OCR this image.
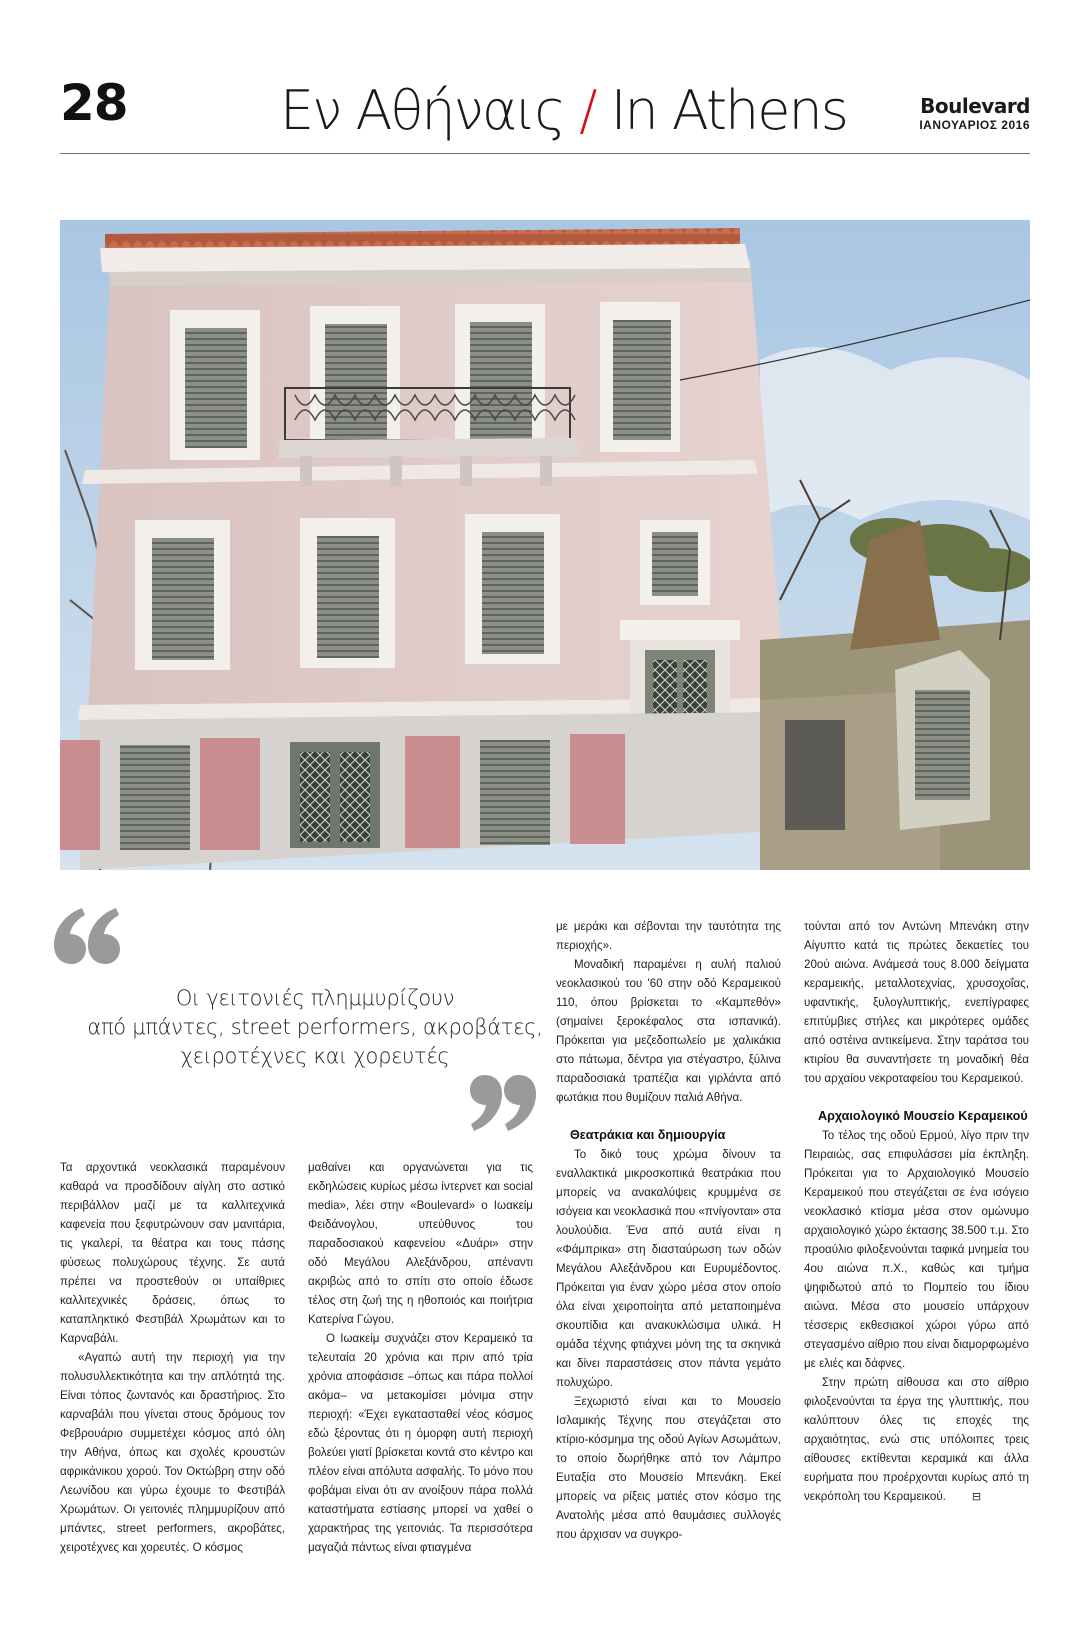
28	Εν Αθήναις / In Athens	Boulevard
ΙΑΝΟΥΑΡΙΟΣ 2016
Οι γειτονιές πλημμυρίζουν
από μπάντες, street performers, ακροβάτες,
χειροτέχνες και χορευτές

Τα αρχοντικά νεοκλασικά παραμένουν καθαρά να προσδίδουν αίγλη στο αστικό περιβάλλον μαζί με τα καλλιτεχνικά καφενεία που ξεφυτρώνουν σαν μανιτάρια, τις γκαλερί, τα θέατρα και τους πάσης φύσεως πολυχώρους τέχνης. Σε αυτά πρέπει να προστεθούν οι υπαίθριες καλλιτεχνικές δράσεις, όπως το καταπληκτικό Φεστιβάλ Χρωμάτων και το Καρναβάλι.

«Αγαπώ αυτή την περιοχή για την πολυσυλλεκτικότητα και την απλότητά της. Είναι τόπος ζωντανός και δραστήριος. Στο καρναβάλι που γίνεται στους δρόμους τον Φεβρουάριο συμμετέχει κόσμος από όλη την Αθήνα, όπως και σχολές κρουστών αφρικάνικου χορού. Τον Οκτώβρη στην οδό Λεωνίδου και γύρω έχουμε το Φεστιβάλ Χρωμάτων. Οι γειτονιές πλημμυρίζουν από μπάντες, street performers, ακροβάτες, χειροτέχνες και χορευτές. Ο κόσμος

μαθαίνει και οργανώνεται για τις εκδηλώσεις κυρίως μέσω ίντερνετ και social media», λέει στην «Boulevard» ο Ιωακείμ Φειδάνογλου, υπεύθυνος του παραδοσιακού καφενείου «Δυάρι» στην οδό Μεγάλου Αλεξάνδρου, απέναντι ακριβώς από το σπίτι στο οποίο έδωσε τέλος στη ζωή της η ηθοποιός και ποιήτρια Κατερίνα Γώγου.

Ο Ιωακείμ συχνάζει στον Κεραμεικό τα τελευταία 20 χρόνια και πριν από τρία χρόνια αποφάσισε –όπως και πάρα πολλοί ακόμα– να μετακομίσει μόνιμα στην περιοχή: «Έχει εγκατασταθεί νέος κόσμος εδώ ξέροντας ότι η όμορφη αυτή περιοχή βολεύει γιατί βρίσκεται κοντά στο κέντρο και πλέον είναι απόλυτα ασφαλής. Το μόνο που φοβάμαι είναι ότι αν ανοίξουν πάρα πολλά καταστήματα εστίασης μπορεί να χαθεί ο χαρακτήρας της γειτονιάς. Τα περισσότερα μαγαζιά πάντως είναι φτιαγμένα

με μεράκι και σέβονται την ταυτότητα της περιοχής».

Μοναδική παραμένει η αυλή παλιού νεοκλασικού του '60 στην οδό Κεραμεικού 110, όπου βρίσκεται το «Καμπεθόν» (σημαίνει ξεροκέφαλος στα ισπανικά). Πρόκειται για μεζεδοπωλείο με χαλικάκια στο πάτωμα, δέντρα για στέγαστρο, ξύλινα παραδοσιακά τραπέζια και γιρλάντα από φωτάκια που θυμίζουν παλιά Αθήνα.

Θεατράκια και δημιουργία

Το δικό τους χρώμα δίνουν τα εναλλακτικά μικροσκοπικά θεατράκια που μπορείς να ανακαλύψεις κρυμμένα σε ισόγεια και νεοκλασικά που «πνίγονται» στα λουλούδια. Ένα από αυτά είναι η «Φάμπρικα» στη διασταύρωση των οδών Μεγάλου Αλεξάνδρου και Ευρυμέδοντος. Πρόκειται για έναν χώρο μέσα στον οποίο όλα είναι χειροποίητα από μεταποιημένα σκουπίδια και ανακυκλώσιμα υλικά. Η ομάδα τέχνης φτιάχνει μόνη της τα σκηνικά και δίνει παραστάσεις στον πάντα γεμάτο πολυχώρο.

Ξεχωριστό είναι και το Μουσείο Ισλαμικής Τέχνης που στεγάζεται στο κτίριο-κόσμημα της οδού Αγίων Ασωμάτων, το οποίο δωρήθηκε από τον Λάμπρο Ευταξία στο Μουσείο Μπενάκη. Εκεί μπορείς να ρίξεις ματιές στον κόσμο της Ανατολής μέσα από θαυμάσιες συλλογές που άρχισαν να συγκρο-

τούνται από τον Αντώνη Μπενάκη στην Αίγυπτο κατά τις πρώτες δεκαετίες του 20ού αιώνα. Ανάμεσά τους 8.000 δείγματα κεραμεικής, μεταλλοτεχνίας, χρυσοχοΐας, υφαντικής, ξυλογλυπτικής, ενεπίγραφες επιτύμβιες στήλες και μικρότερες ομάδες από οστέινα αντικείμενα. Στην ταράτσα του κτιρίου θα συναντήσετε τη μοναδική θέα του αρχαίου νεκροταφείου του Κεραμεικού.

Αρχαιολογικό Μουσείο Κεραμεικού

Το τέλος της οδού Ερμού, λίγο πριν την Πειραιώς, σας επιφυλάσσει μία έκπληξη. Πρόκειται για το Αρχαιολογικό Μουσείο Κεραμεικού που στεγάζεται σε ένα ισόγειο νεοκλασικό κτίσμα μέσα στον ομώνυμο αρχαιολογικό χώρο έκτασης 38.500 τ.μ. Στο προαύλιο φιλοξενούνται ταφικά μνημεία του 4ου αιώνα π.Χ., καθώς και τμήμα ψηφιδωτού από το Πομπείο του ίδιου αιώνα. Μέσα στο μουσείο υπάρχουν τέσσερις εκθεσιακοί χώροι γύρω από στεγασμένο αίθριο που είναι διαμορφωμένο με ελιές και δάφνες.

Στην πρώτη αίθουσα και στο αίθριο φιλοξενούνται τα έργα της γλυπτικής, που καλύπτουν όλες τις εποχές της αρχαιότητας, ενώ στις υπόλοιπες τρεις αίθουσες εκτίθενται κεραμικά και άλλα ευρήματα που προέρχονται κυρίως από τη νεκρόπολη του Κεραμεικού. ⊟
